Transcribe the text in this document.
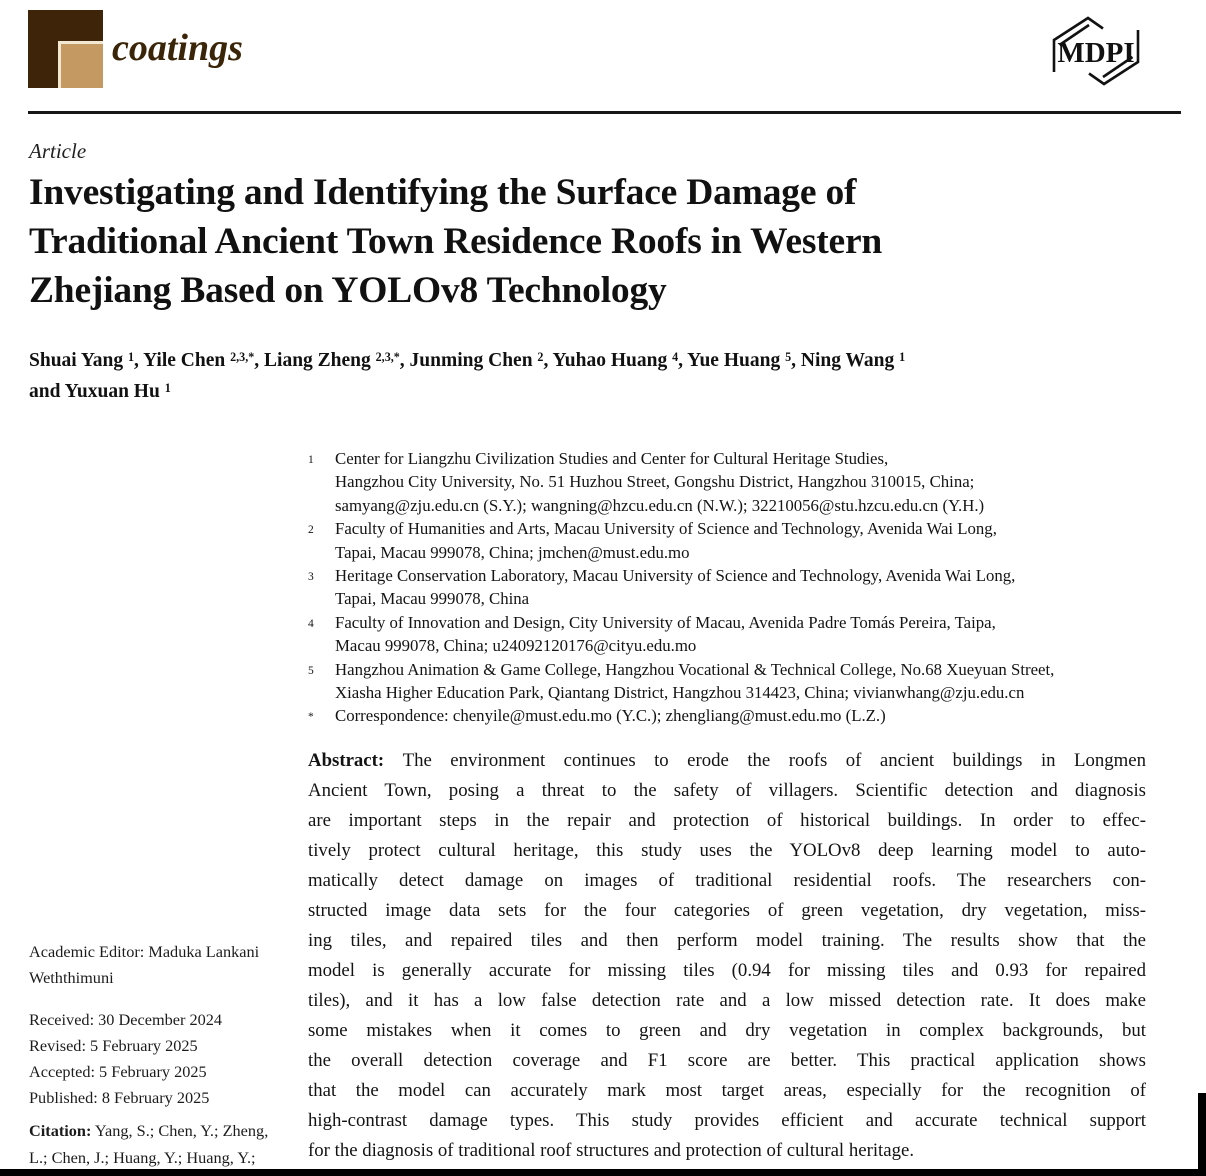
coatings	MDPI
Article
Investigating and Identifying the Surface Damage of
Traditional Ancient Town Residence Roofs in Western
Zhejiang Based on YOLOv8 Technology
Shuai Yang $^1$, Yile Chen $^{2,3,*}$, Liang Zheng $^{2,3,*}$, Junming Chen $^2$, Yuhao Huang $^4$, Yue Huang $^5$, Ning Wang $^1$
and Yuxuan Hu $^1$
1	Center for Liangzhu Civilization Studies and Center for Cultural Heritage Studies,
Hangzhou City University, No. 51 Huzhou Street, Gongshu District, Hangzhou 310015, China;
samyang@zju.edu.cn (S.Y.); wangning@hzcu.edu.cn (N.W.); 32210056@stu.hzcu.edu.cn (Y.H.)
2	Faculty of Humanities and Arts, Macau University of Science and Technology, Avenida Wai Long,
Tapai, Macau 999078, China; jmchen@must.edu.mo
3	Heritage Conservation Laboratory, Macau University of Science and Technology, Avenida Wai Long,
Tapai, Macau 999078, China
4	Faculty of Innovation and Design, City University of Macau, Avenida Padre Tomás Pereira, Taipa,
Macau 999078, China; u24092120176@cityu.edu.mo
5	Hangzhou Animation & Game College, Hangzhou Vocational & Technical College, No.68 Xueyuan Street,
Xiasha Higher Education Park, Qiantang District, Hangzhou 314423, China; vivianwhang@zju.edu.cn
*	Correspondence: chenyile@must.edu.mo (Y.C.); zhengliang@must.edu.mo (L.Z.)
Abstract: The environment continues to erode the roofs of ancient buildings in Longmen
Ancient Town, posing a threat to the safety of villagers. Scientific detection and diagnosis
are important steps in the repair and protection of historical buildings. In order to effec-
tively protect cultural heritage, this study uses the YOLOv8 deep learning model to auto-
matically detect damage on images of traditional residential roofs. The researchers con-
structed image data sets for the four categories of green vegetation, dry vegetation, miss-
ing tiles, and repaired tiles and then perform model training. The results show that the
model is generally accurate for missing tiles (0.94 for missing tiles and 0.93 for repaired
tiles), and it has a low false detection rate and a low missed detection rate. It does make
some mistakes when it comes to green and dry vegetation in complex backgrounds, but
the overall detection coverage and F1 score are better. This practical application shows
that the model can accurately mark most target areas, especially for the recognition of
high-contrast damage types. This study provides efficient and accurate technical support
for the diagnosis of traditional roof structures and protection of cultural heritage.
Academic Editor: Maduka Lankani
Weththimuni
Received: 30 December 2024
Revised: 5 February 2025
Accepted: 5 February 2025
Published: 8 February 2025
Citation: Yang, S.; Chen, Y.; Zheng,
L.; Chen, J.; Huang, Y.; Huang, Y.;
